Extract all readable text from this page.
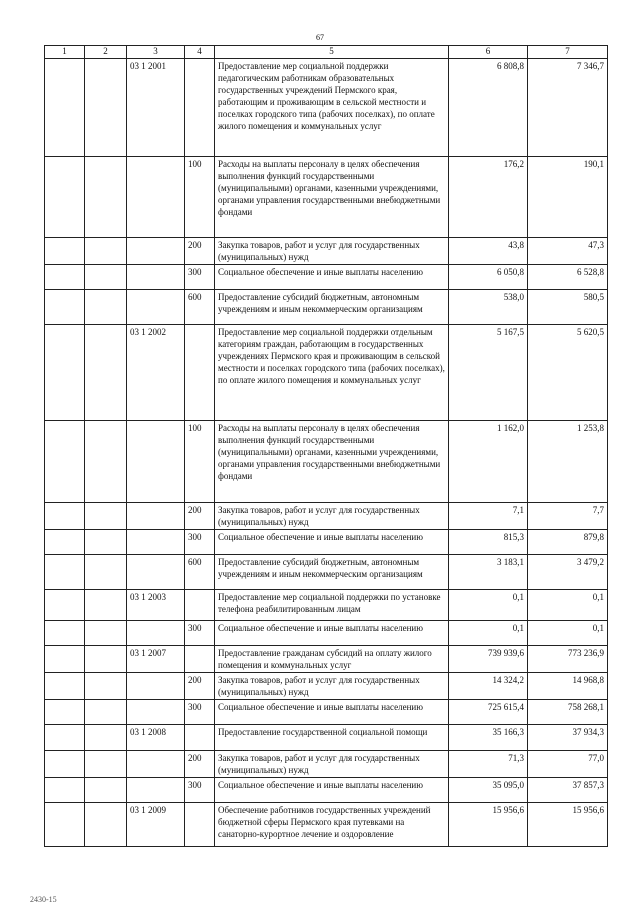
67
1	2	3	4	5	6	7
		03 1 2001		Предоставление мер социальной поддержки педагогическим работникам образовательных государственных учреждений Пермского края, работающим и проживающим в сельской местности и поселках городского типа (рабочих поселках), по оплате жилого помещения и коммунальных услуг	6 808,8	7 346,7
			100	Расходы на выплаты персоналу в целях обеспечения выполнения функций государственными (муниципальными) органами, казенными учреждениями, органами управления государственными внебюджетными фондами	176,2	190,1
			200	Закупка товаров, работ и услуг для государственных (муниципальных) нужд	43,8	47,3
			300	Социальное обеспечение и иные выплаты населению	6 050,8	6 528,8
			600	Предоставление субсидий бюджетным, автономным учреждениям и иным некоммерческим организациям	538,0	580,5
		03 1 2002		Предоставление мер социальной поддержки отдельным категориям граждан, работающим в государственных учреждениях Пермского края и проживающим в сельской местности и поселках городского типа (рабочих поселках), по оплате жилого помещения и коммунальных услуг	5 167,5	5 620,5
			100	Расходы на выплаты персоналу в целях обеспечения выполнения функций государственными (муниципальными) органами, казенными учреждениями, органами управления государственными внебюджетными фондами	1 162,0	1 253,8
			200	Закупка товаров, работ и услуг для государственных (муниципальных) нужд	7,1	7,7
			300	Социальное обеспечение и иные выплаты населению	815,3	879,8
			600	Предоставление субсидий бюджетным, автономным учреждениям и иным некоммерческим организациям	3 183,1	3 479,2
		03 1 2003		Предоставление мер социальной поддержки по установке телефона реабилитированным лицам	0,1	0,1
			300	Социальное обеспечение и иные выплаты населению	0,1	0,1
		03 1 2007		Предоставление гражданам субсидий на оплату жилого помещения и коммунальных услуг	739 939,6	773 236,9
			200	Закупка товаров, работ и услуг для государственных (муниципальных) нужд	14 324,2	14 968,8
			300	Социальное обеспечение и иные выплаты населению	725 615,4	758 268,1
		03 1 2008		Предоставление государственной социальной помощи	35 166,3	37 934,3
			200	Закупка товаров, работ и услуг для государственных (муниципальных) нужд	71,3	77,0
			300	Социальное обеспечение и иные выплаты населению	35 095,0	37 857,3
		03 1 2009		Обеспечение работников государственных учреждений бюджетной сферы Пермского края путевками на санаторно-курортное лечение и оздоровление	15 956,6	15 956,6
2430-15
